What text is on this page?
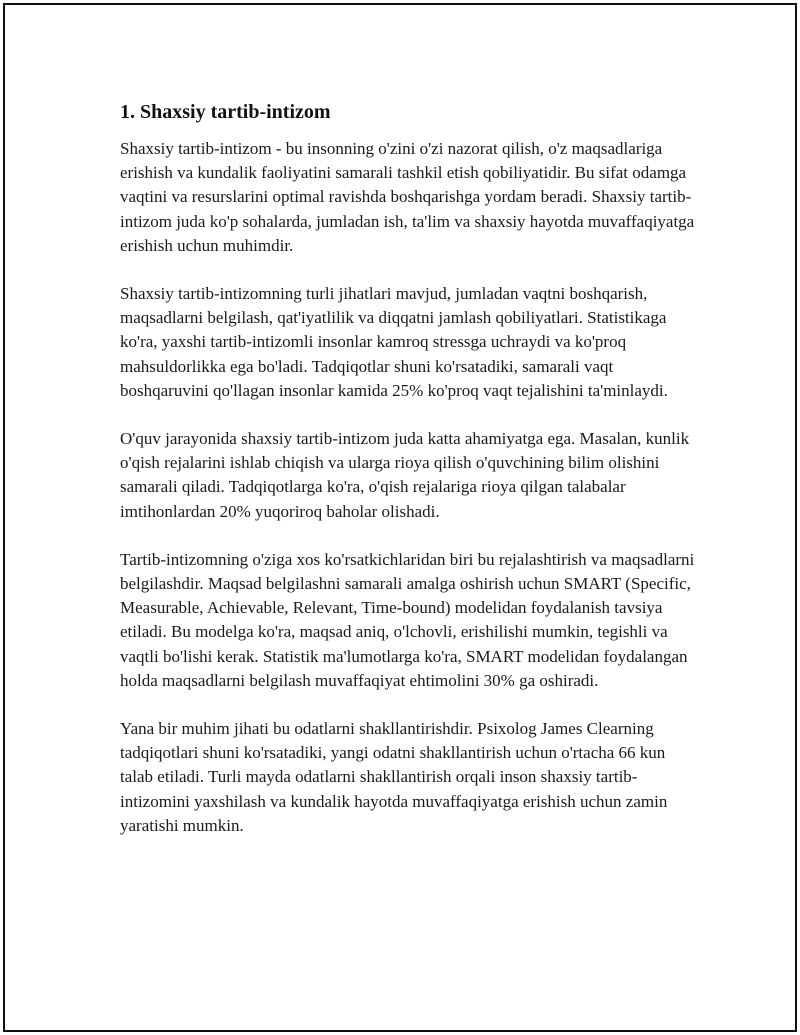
1. Shaxsiy tartib-intizom

Shaxsiy tartib-intizom - bu insonning o'zini o'zi nazorat qilish, o'z maqsadlariga erishish va kundalik faoliyatini samarali tashkil etish qobiliyatidir. Bu sifat odamga vaqtini va resurslarini optimal ravishda boshqarishga yordam beradi. Shaxsiy tartib-intizom juda ko'p sohalarda, jumladan ish, ta'lim va shaxsiy hayotda muvaffaqiyatga erishish uchun muhimdir.

Shaxsiy tartib-intizomning turli jihatlari mavjud, jumladan vaqtni boshqarish, maqsadlarni belgilash, qat'iyatlilik va diqqatni jamlash qobiliyatlari. Statistikaga ko'ra, yaxshi tartib-intizomli insonlar kamroq stressga uchraydi va ko'proq mahsuldorlikka ega bo'ladi. Tadqiqotlar shuni ko'rsatadiki, samarali vaqt boshqaruvini qo'llagan insonlar kamida 25% ko'proq vaqt tejalishini ta'minlaydi.

O'quv jarayonida shaxsiy tartib-intizom juda katta ahamiyatga ega. Masalan, kunlik o'qish rejalarini ishlab chiqish va ularga rioya qilish o'quvchining bilim olishini samarali qiladi. Tadqiqotlarga ko'ra, o'qish rejalariga rioya qilgan talabalar imtihonlardan 20% yuqoriroq baholar olishadi.

Tartib-intizomning o'ziga xos ko'rsatkichlaridan biri bu rejalashtirish va maqsadlarni belgilashdir. Maqsad belgilashni samarali amalga oshirish uchun SMART (Specific, Measurable, Achievable, Relevant, Time-bound) modelidan foydalanish tavsiya etiladi. Bu modelga ko'ra, maqsad aniq, o'lchovli, erishilishi mumkin, tegishli va vaqtli bo'lishi kerak. Statistik ma'lumotlarga ko'ra, SMART modelidan foydalangan holda maqsadlarni belgilash muvaffaqiyat ehtimolini 30% ga oshiradi.

Yana bir muhim jihati bu odatlarni shakllantirishdir. Psixolog James Clearning tadqiqotlari shuni ko'rsatadiki, yangi odatni shakllantirish uchun o'rtacha 66 kun talab etiladi. Turli mayda odatlarni shakllantirish orqali inson shaxsiy tartib-intizomini yaxshilash va kundalik hayotda muvaffaqiyatga erishish uchun zamin yaratishi mumkin.
